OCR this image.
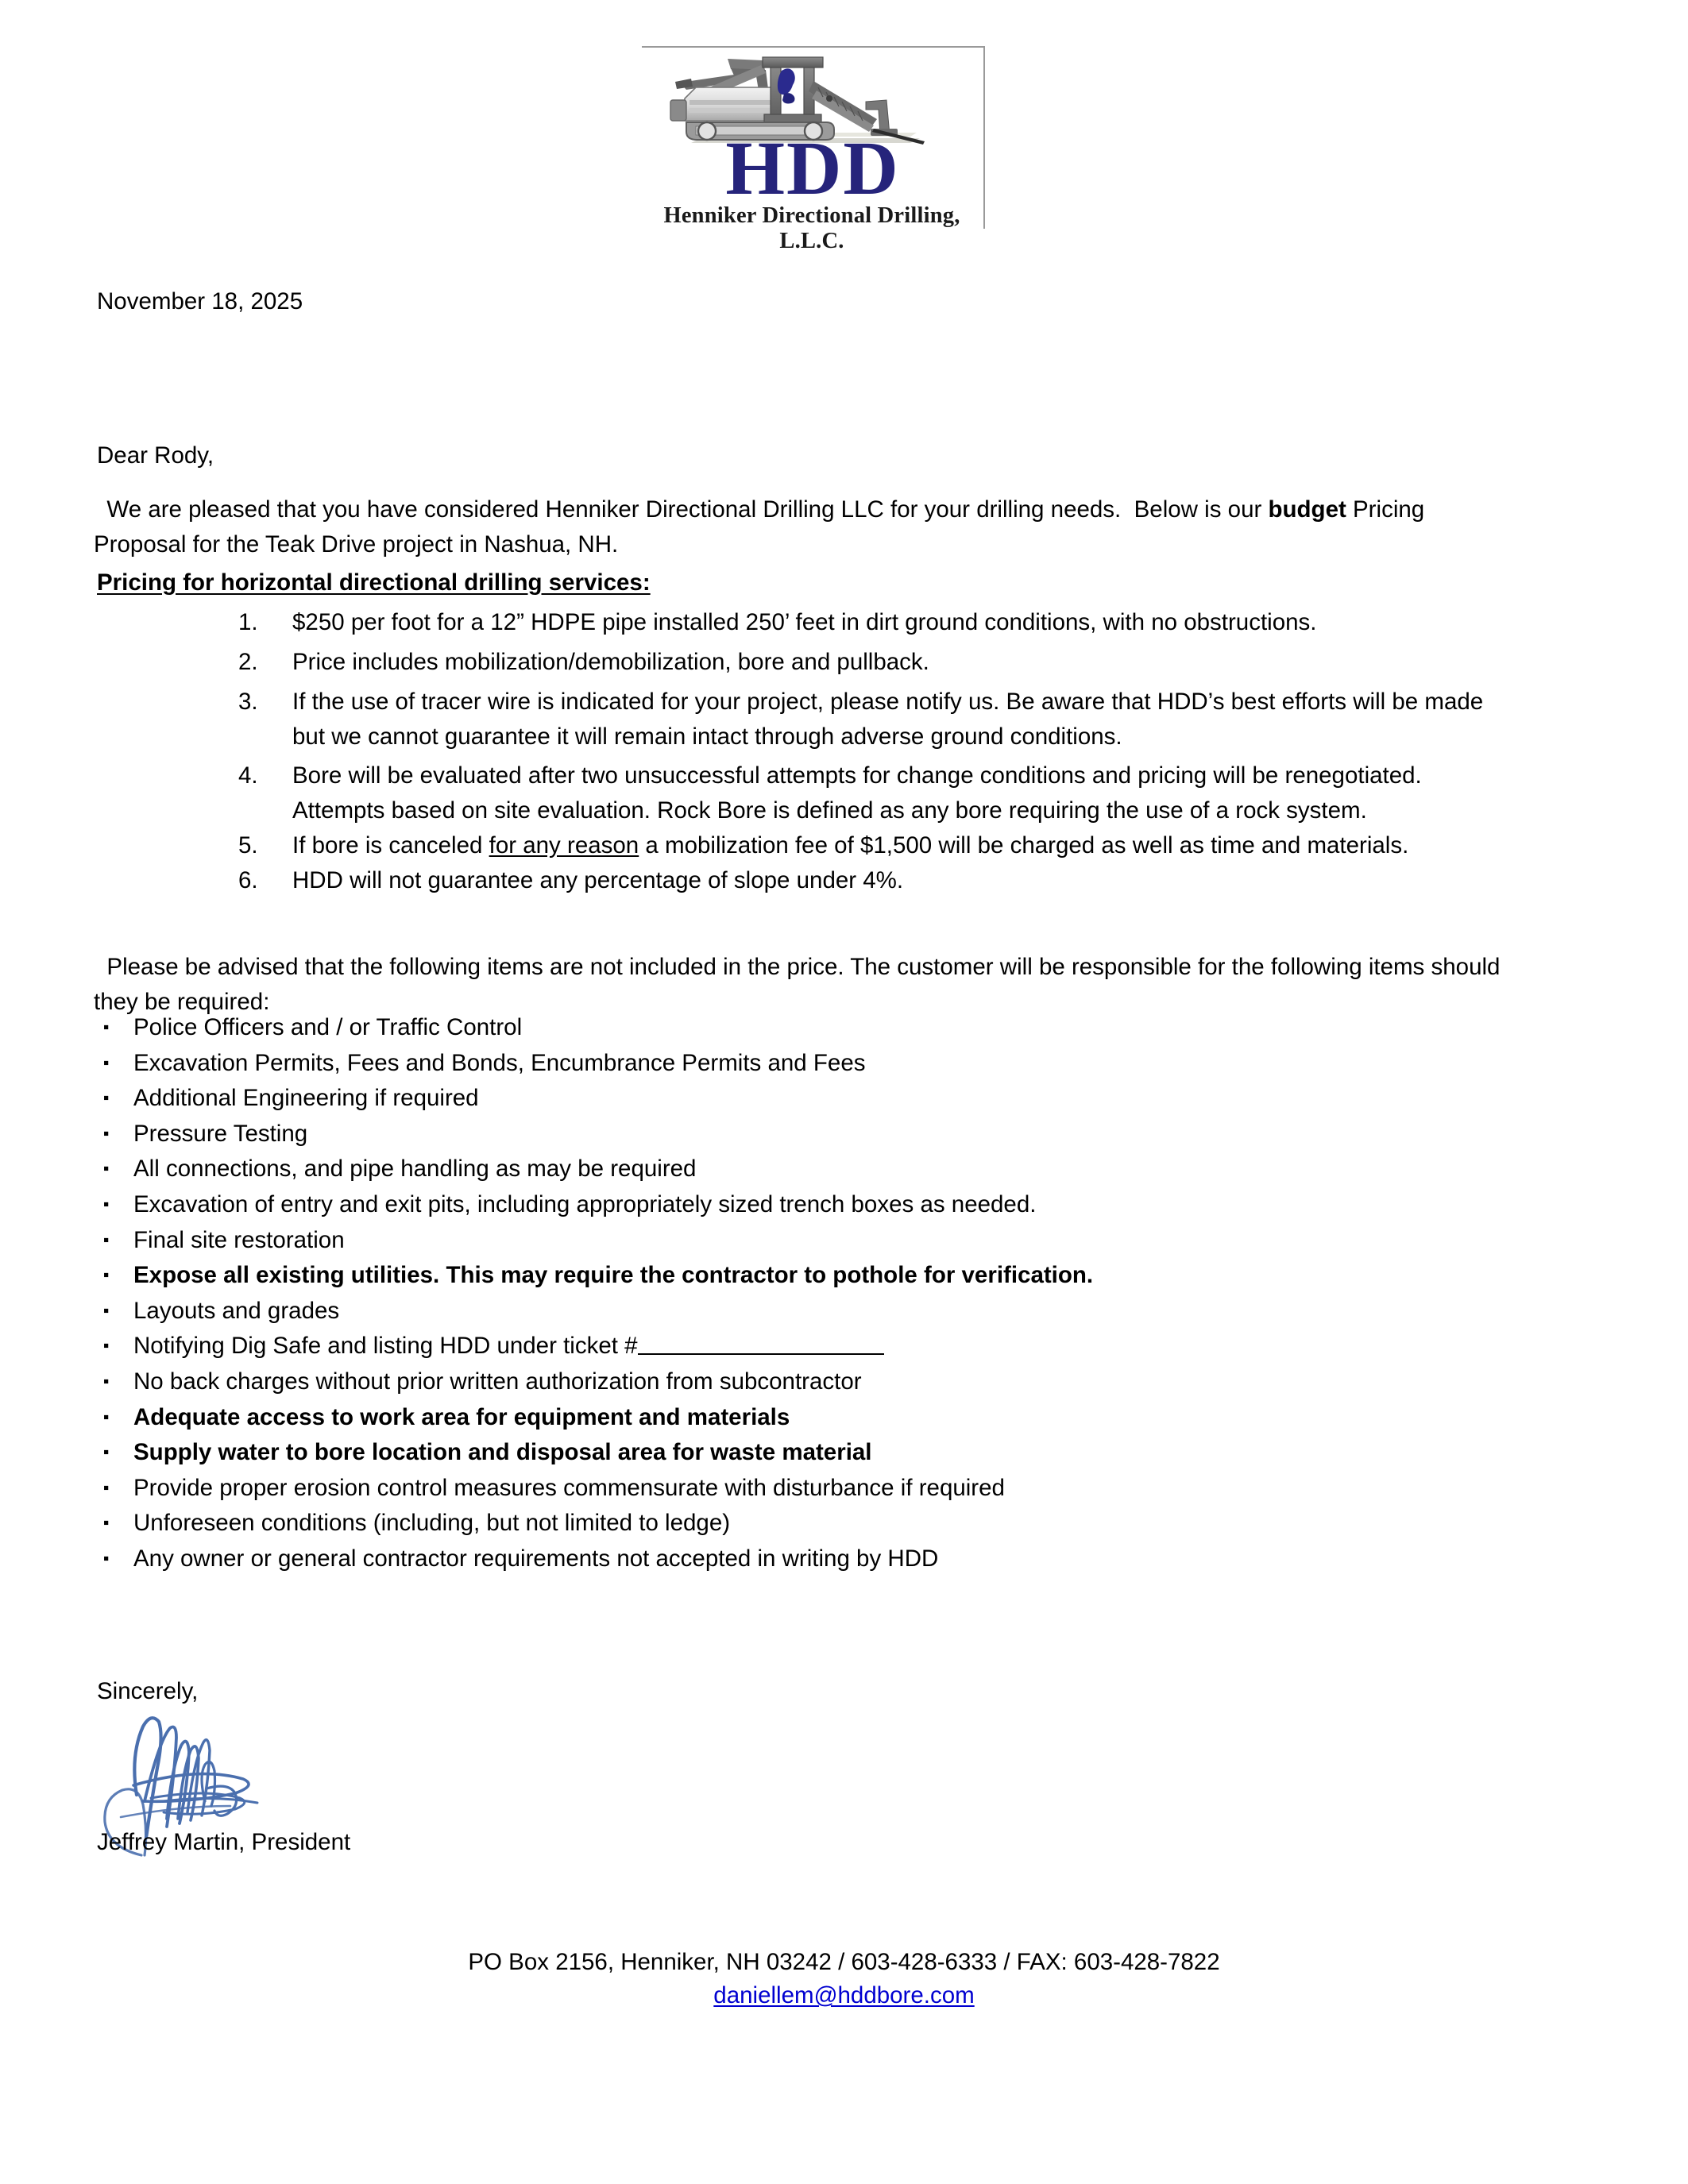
HDD
Henniker Directional Drilling, L.L.C.
November 18, 2025
Dear Rody,
We are pleased that you have considered Henniker Directional Drilling LLC for your drilling needs.  Below is our budget Pricing Proposal for the Teak Drive project in Nashua, NH.
Pricing for horizontal directional drilling services:
1.	$250 per foot for a 12” HDPE pipe installed 250’ feet in dirt ground conditions, with no obstructions.
2.	Price includes mobilization/demobilization, bore and pullback.
3.	If the use of tracer wire is indicated for your project, please notify us. Be aware that HDD’s best efforts will be made but we cannot guarantee it will remain intact through adverse ground conditions.
4.	Bore will be evaluated after two unsuccessful attempts for change conditions and pricing will be renegotiated. Attempts based on site evaluation. Rock Bore is defined as any bore requiring the use of a rock system.
5.	If bore is canceled for any reason a mobilization fee of $1,500 will be charged as well as time and materials.
6.	HDD will not guarantee any percentage of slope under 4%.
Please be advised that the following items are not included in the price. The customer will be responsible for the following items should they be required:
▪ Police Officers and / or Traffic Control
▪ Excavation Permits, Fees and Bonds, Encumbrance Permits and Fees
▪ Additional Engineering if required
▪ Pressure Testing
▪ All connections, and pipe handling as may be required
▪ Excavation of entry and exit pits, including appropriately sized trench boxes as needed.
▪ Final site restoration
▪ Expose all existing utilities. This may require the contractor to pothole for verification.
▪ Layouts and grades
▪ Notifying Dig Safe and listing HDD under ticket #
▪ No back charges without prior written authorization from subcontractor
▪ Adequate access to work area for equipment and materials
▪ Supply water to bore location and disposal area for waste material
▪ Provide proper erosion control measures commensurate with disturbance if required
▪ Unforeseen conditions (including, but not limited to ledge)
▪ Any owner or general contractor requirements not accepted in writing by HDD
Sincerely,
Jeffrey Martin, President
PO Box 2156, Henniker, NH 03242 / 603-428-6333 / FAX: 603-428-7822
daniellem@hddbore.com
